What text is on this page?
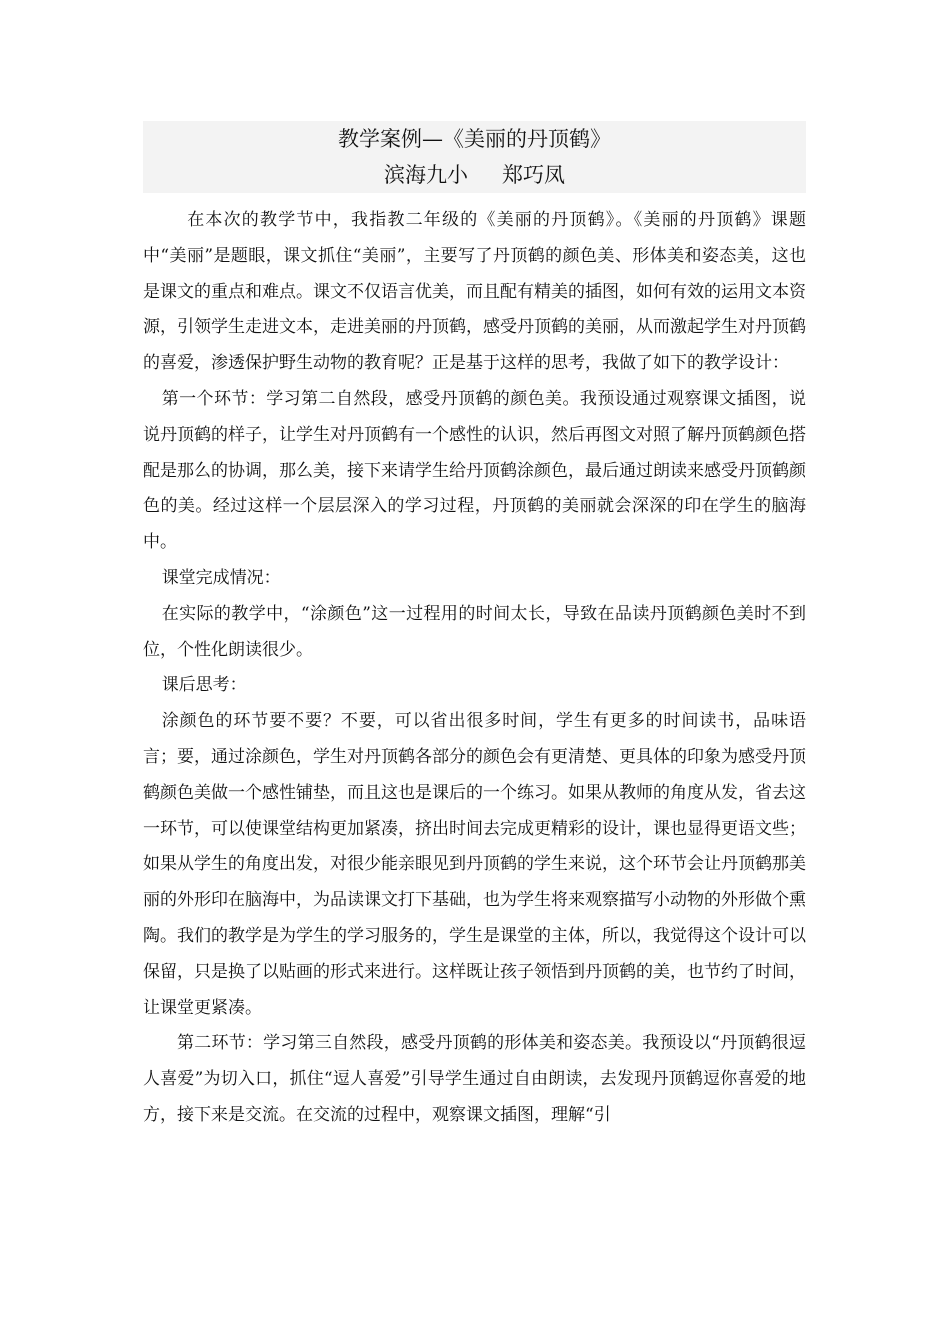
教学案例—《美丽的丹顶鹤》
滨海九小 郑巧凤

在本次的教学节中，我指教二年级的《美丽的丹顶鹤》。《美丽的丹顶鹤》课题中“美丽”是题眼，课文抓住“美丽”，主要写了丹顶鹤的颜色美、形体美和姿态美，这也是课文的重点和难点。课文不仅语言优美，而且配有精美的插图，如何有效的运用文本资源，引领学生走进文本，走进美丽的丹顶鹤，感受丹顶鹤的美丽，从而激起学生对丹顶鹤的喜爱，渗透保护野生动物的教育呢？正是基于这样的思考，我做了如下的教学设计：

第一个环节：学习第二自然段，感受丹顶鹤的颜色美。我预设通过观察课文插图，说说丹顶鹤的样子，让学生对丹顶鹤有一个感性的认识，然后再图文对照了解丹顶鹤颜色搭配是那么的协调，那么美，接下来请学生给丹顶鹤涂颜色，最后通过朗读来感受丹顶鹤颜色的美。经过这样一个层层深入的学习过程，丹顶鹤的美丽就会深深的印在学生的脑海中。

课堂完成情况：

在实际的教学中，“涂颜色”这一过程用的时间太长，导致在品读丹顶鹤颜色美时不到位，个性化朗读很少。

课后思考：

涂颜色的环节要不要？不要，可以省出很多时间，学生有更多的时间读书，品味语言；要，通过涂颜色，学生对丹顶鹤各部分的颜色会有更清楚、更具体的印象为感受丹顶鹤颜色美做一个感性铺垫，而且这也是课后的一个练习。如果从教师的角度从发，省去这一环节，可以使课堂结构更加紧凑，挤出时间去完成更精彩的设计，课也显得更语文些；如果从学生的角度出发，对很少能亲眼见到丹顶鹤的学生来说，这个环节会让丹顶鹤那美丽的外形印在脑海中，为品读课文打下基础，也为学生将来观察描写小动物的外形做个熏陶。我们的教学是为学生的学习服务的，学生是课堂的主体，所以，我觉得这个设计可以保留，只是换了以贴画的形式来进行。这样既让孩子领悟到丹顶鹤的美，也节约了时间，让课堂更紧凑。

第二环节：学习第三自然段，感受丹顶鹤的形体美和姿态美。我预设以“丹顶鹤很逗人喜爱”为切入口，抓住“逗人喜爱”引导学生通过自由朗读，去发现丹顶鹤逗你喜爱的地方，接下来是交流。在交流的过程中，观察课文插图，理解“引
